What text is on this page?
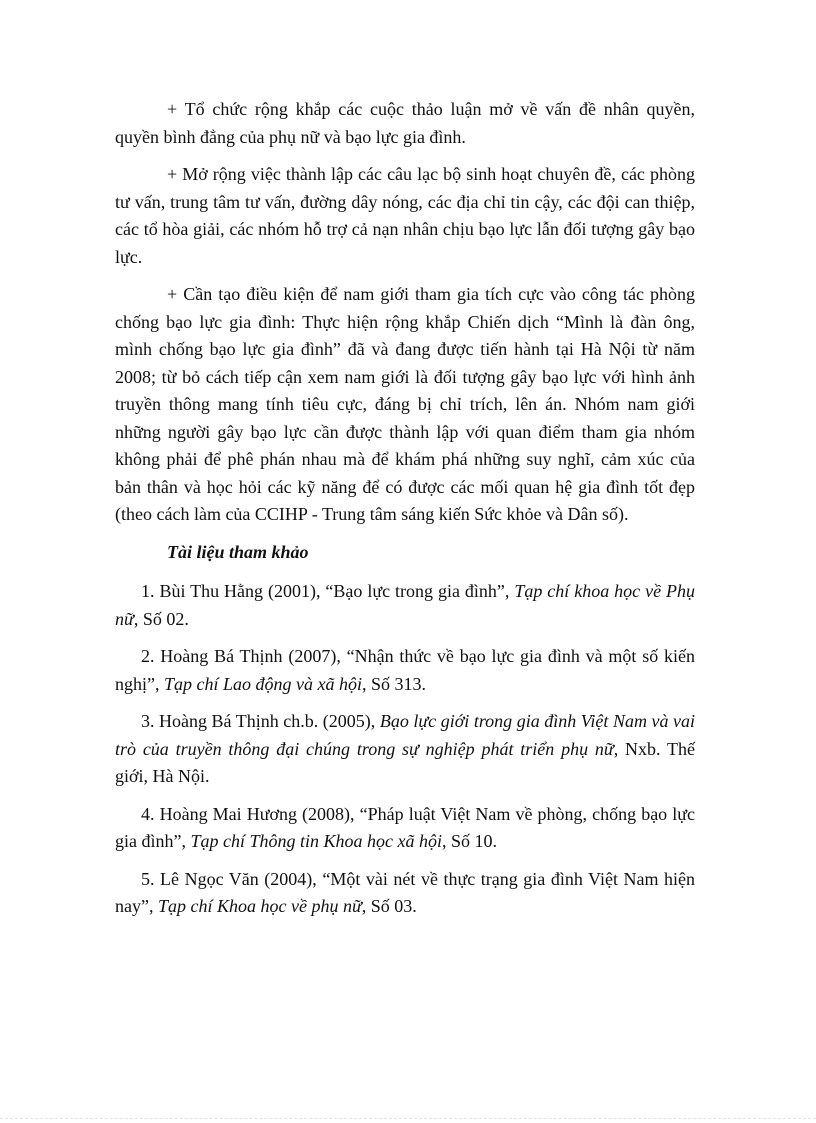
+ Tổ chức rộng khắp các cuộc thảo luận mở về vấn đề nhân quyền, quyền bình đẳng của phụ nữ và bạo lực gia đình.

+ Mở rộng việc thành lập các câu lạc bộ sinh hoạt chuyên đề, các phòng tư vấn, trung tâm tư vấn, đường dây nóng, các địa chỉ tin cậy, các đội can thiệp, các tổ hòa giải, các nhóm hỗ trợ cả nạn nhân chịu bạo lực lẫn đối tượng gây bạo lực.

+ Cần tạo điều kiện để nam giới tham gia tích cực vào công tác phòng chống bạo lực gia đình: Thực hiện rộng khắp Chiến dịch “Mình là đàn ông, mình chống bạo lực gia đình” đã và đang được tiến hành tại Hà Nội từ năm 2008; từ bỏ cách tiếp cận xem nam giới là đối tượng gây bạo lực với hình ảnh truyền thông mang tính tiêu cực, đáng bị chỉ trích, lên án. Nhóm nam giới những người gây bạo lực cần được thành lập với quan điểm tham gia nhóm không phải để phê phán nhau mà để khám phá những suy nghĩ, cảm xúc của bản thân và học hỏi các kỹ năng để có được các mối quan hệ gia đình tốt đẹp (theo cách làm của CCIHP - Trung tâm sáng kiến Sức khỏe và Dân số).

Tài liệu tham khảo
1. Bùi Thu Hằng (2001), “Bạo lực trong gia đình”, Tạp chí khoa học về Phụ nữ, Số 02.
2. Hoàng Bá Thịnh (2007), “Nhận thức về bạo lực gia đình và một số kiến nghị”, Tạp chí Lao động và xã hội, Số 313.
3. Hoàng Bá Thịnh ch.b. (2005), Bạo lực giới trong gia đình Việt Nam và vai trò của truyền thông đại chúng trong sự nghiệp phát triển phụ nữ, Nxb. Thế giới, Hà Nội.
4. Hoàng Mai Hương (2008), “Pháp luật Việt Nam về phòng, chống bạo lực gia đình”, Tạp chí Thông tin Khoa học xã hội, Số 10.
5. Lê Ngọc Văn (2004), “Một vài nét về thực trạng gia đình Việt Nam hiện nay”, Tạp chí Khoa học về phụ nữ, Số 03.
